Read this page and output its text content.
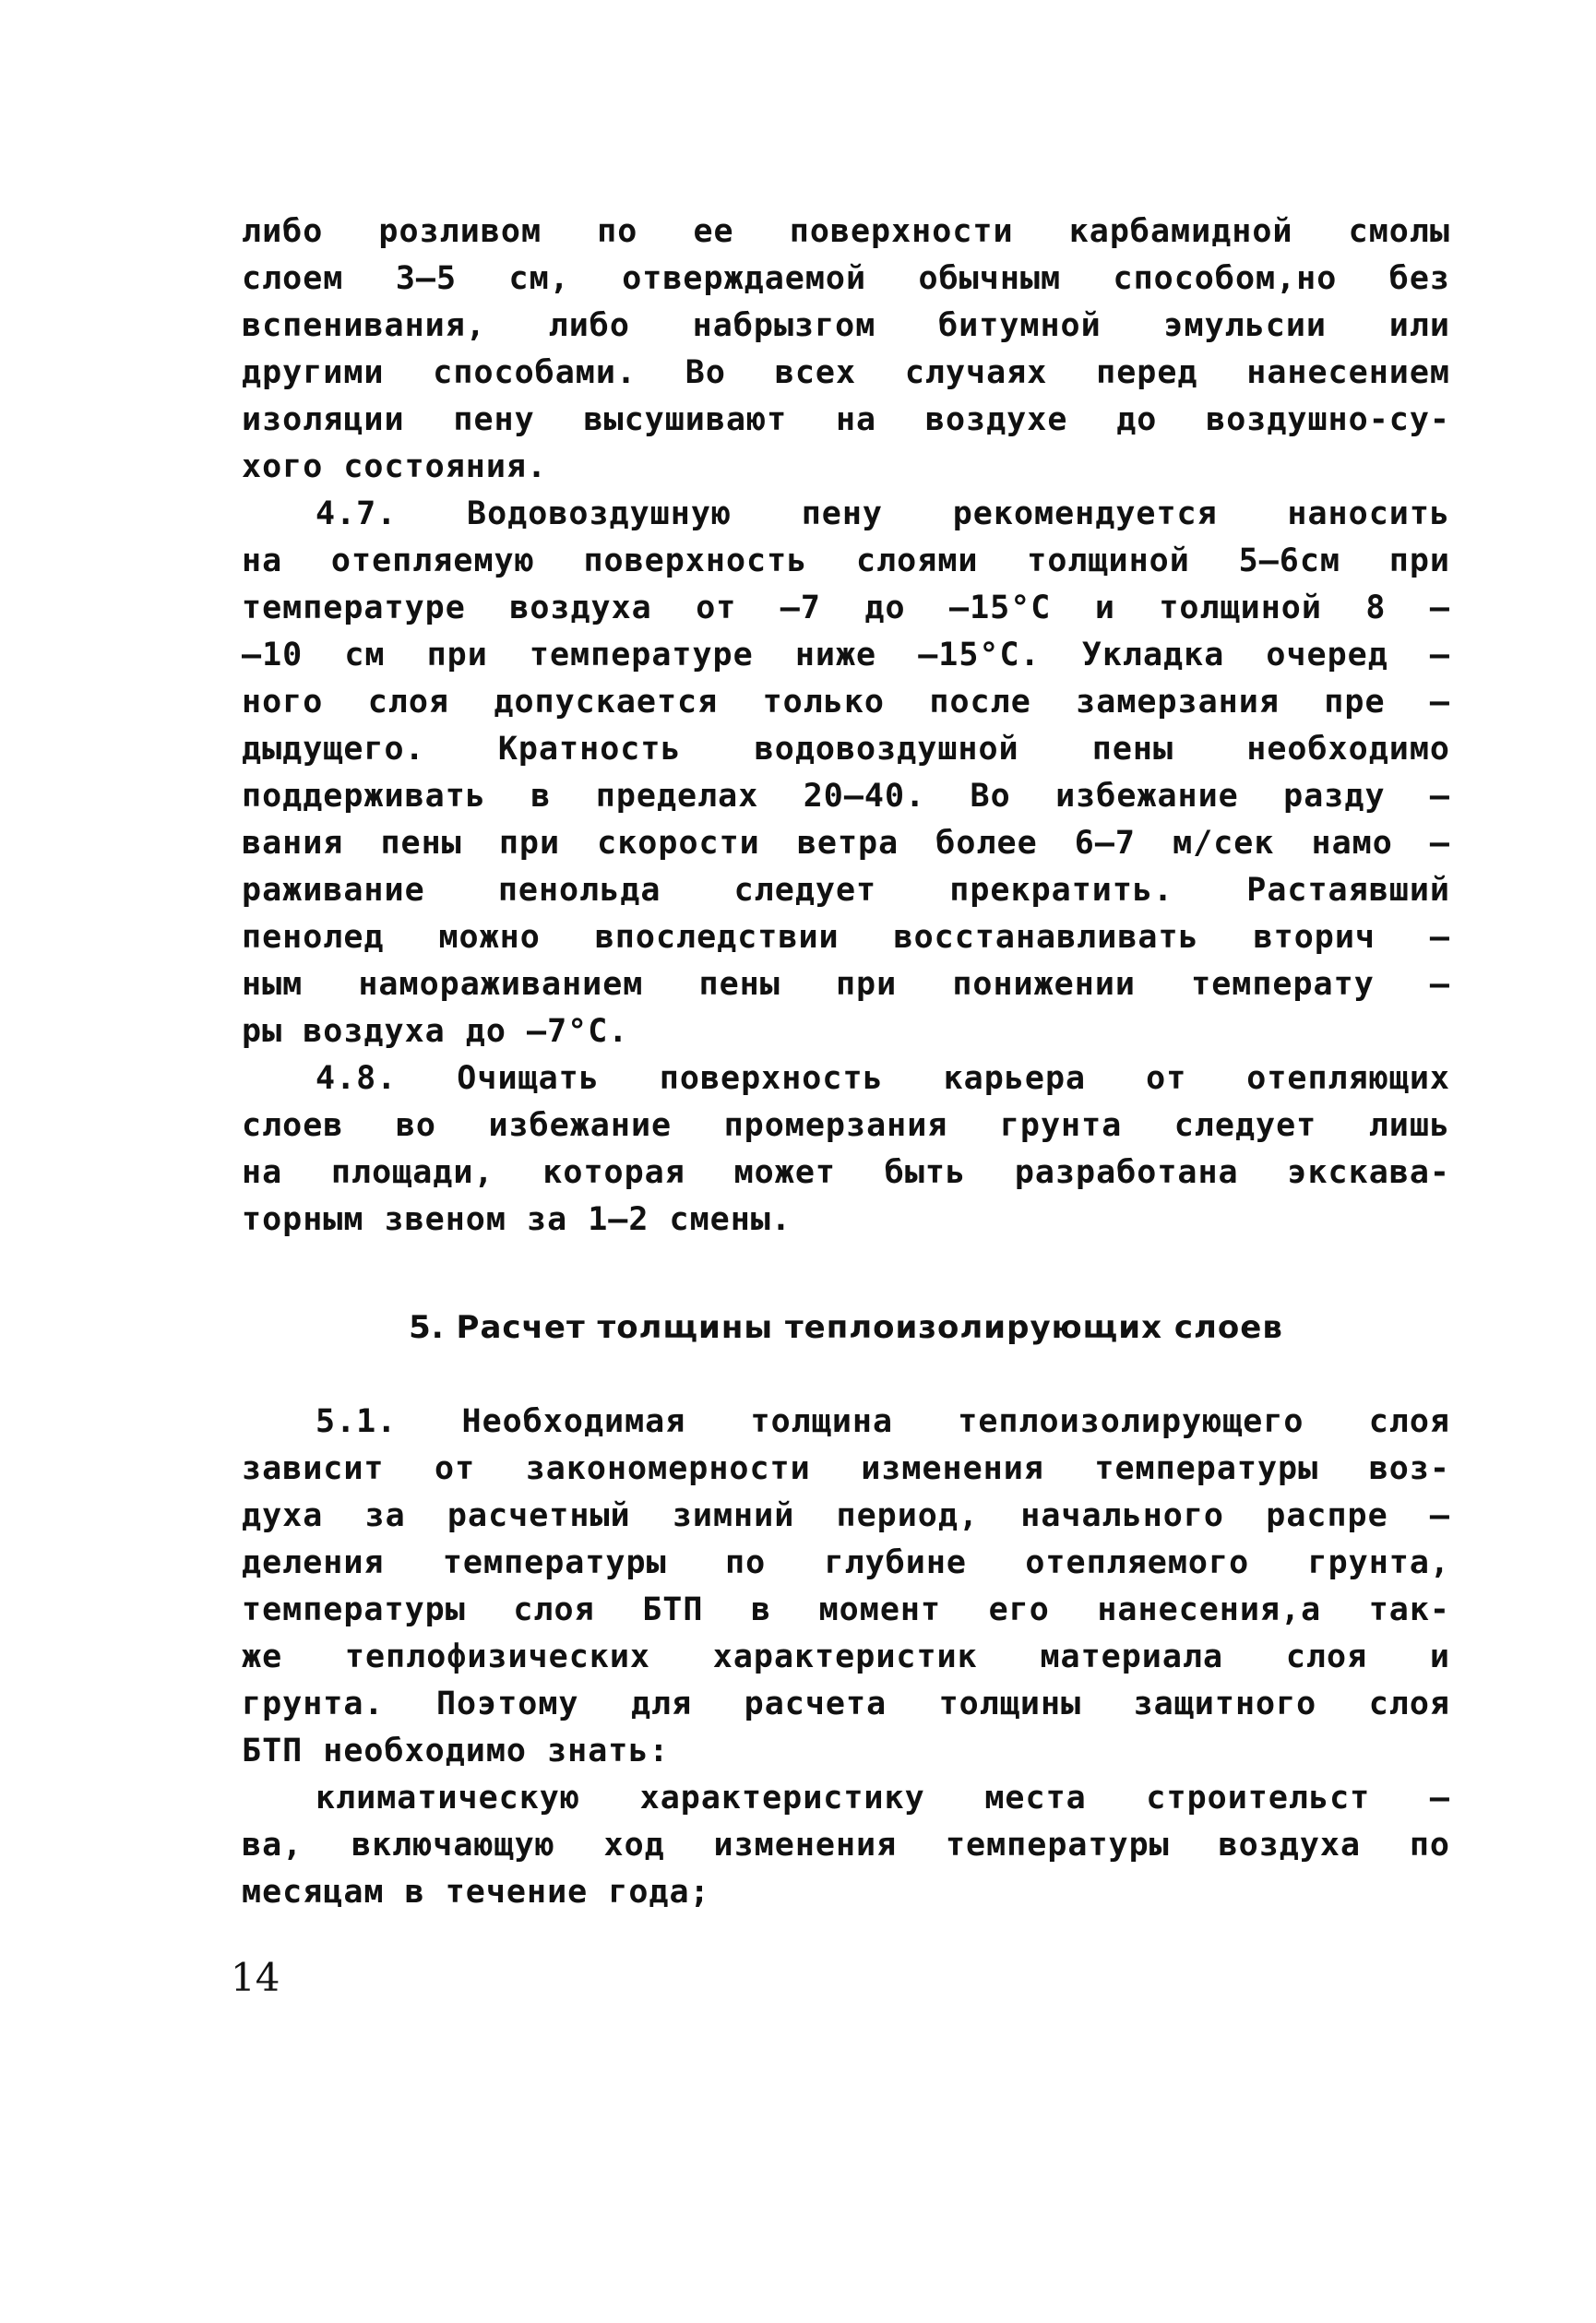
либо розливом по ее поверхности карбамидной смолы
слоем 3–5 см, отверждаемой обычным способом,но без
вспенивания, либо набрызгом битумной эмульсии или
другими способами. Во всех случаях перед нанесением
изоляции пену высушивают на воздухе до воздушно-су-
хого состояния.
4.7. Водовоздушную пену рекомендуется наносить
на отепляемую поверхность слоями толщиной 5–6см при
температуре воздуха от –7 до –15°С и толщиной 8 –
–10 см при температуре ниже –15°С. Укладка очеред –
ного слоя допускается только после замерзания пре –
дыдущего. Кратность водовоздушной пены необходимо
поддерживать в пределах 20–40. Во избежание разду –
вания пены при скорости ветра более 6–7 м/сек намо –
раживание пенольда следует прекратить. Растаявший
пенолед можно впоследствии восстанавливать вторич –
ным намораживанием пены при понижении температу –
ры воздуха до –7°С.
4.8. Очищать поверхность карьера от отепляющих
слоев во избежание промерзания грунта следует лишь
на площади, которая может быть разработана экскава-
торным звеном за 1–2 смены.
5. Расчет толщины теплоизолирующих слоев
5.1. Необходимая толщина теплоизолирующего слоя
зависит от закономерности изменения температуры воз-
духа за расчетный зимний период, начального распре –
деления температуры по глубине отепляемого грунта,
температуры слоя БТП в момент его нанесения,а так-
же теплофизических характеристик материала слоя и
грунта. Поэтому для расчета толщины защитного слоя
БТП необходимо знать:
климатическую характеристику места строительст –
ва, включающую ход изменения температуры воздуха по
месяцам в течение года;
14
